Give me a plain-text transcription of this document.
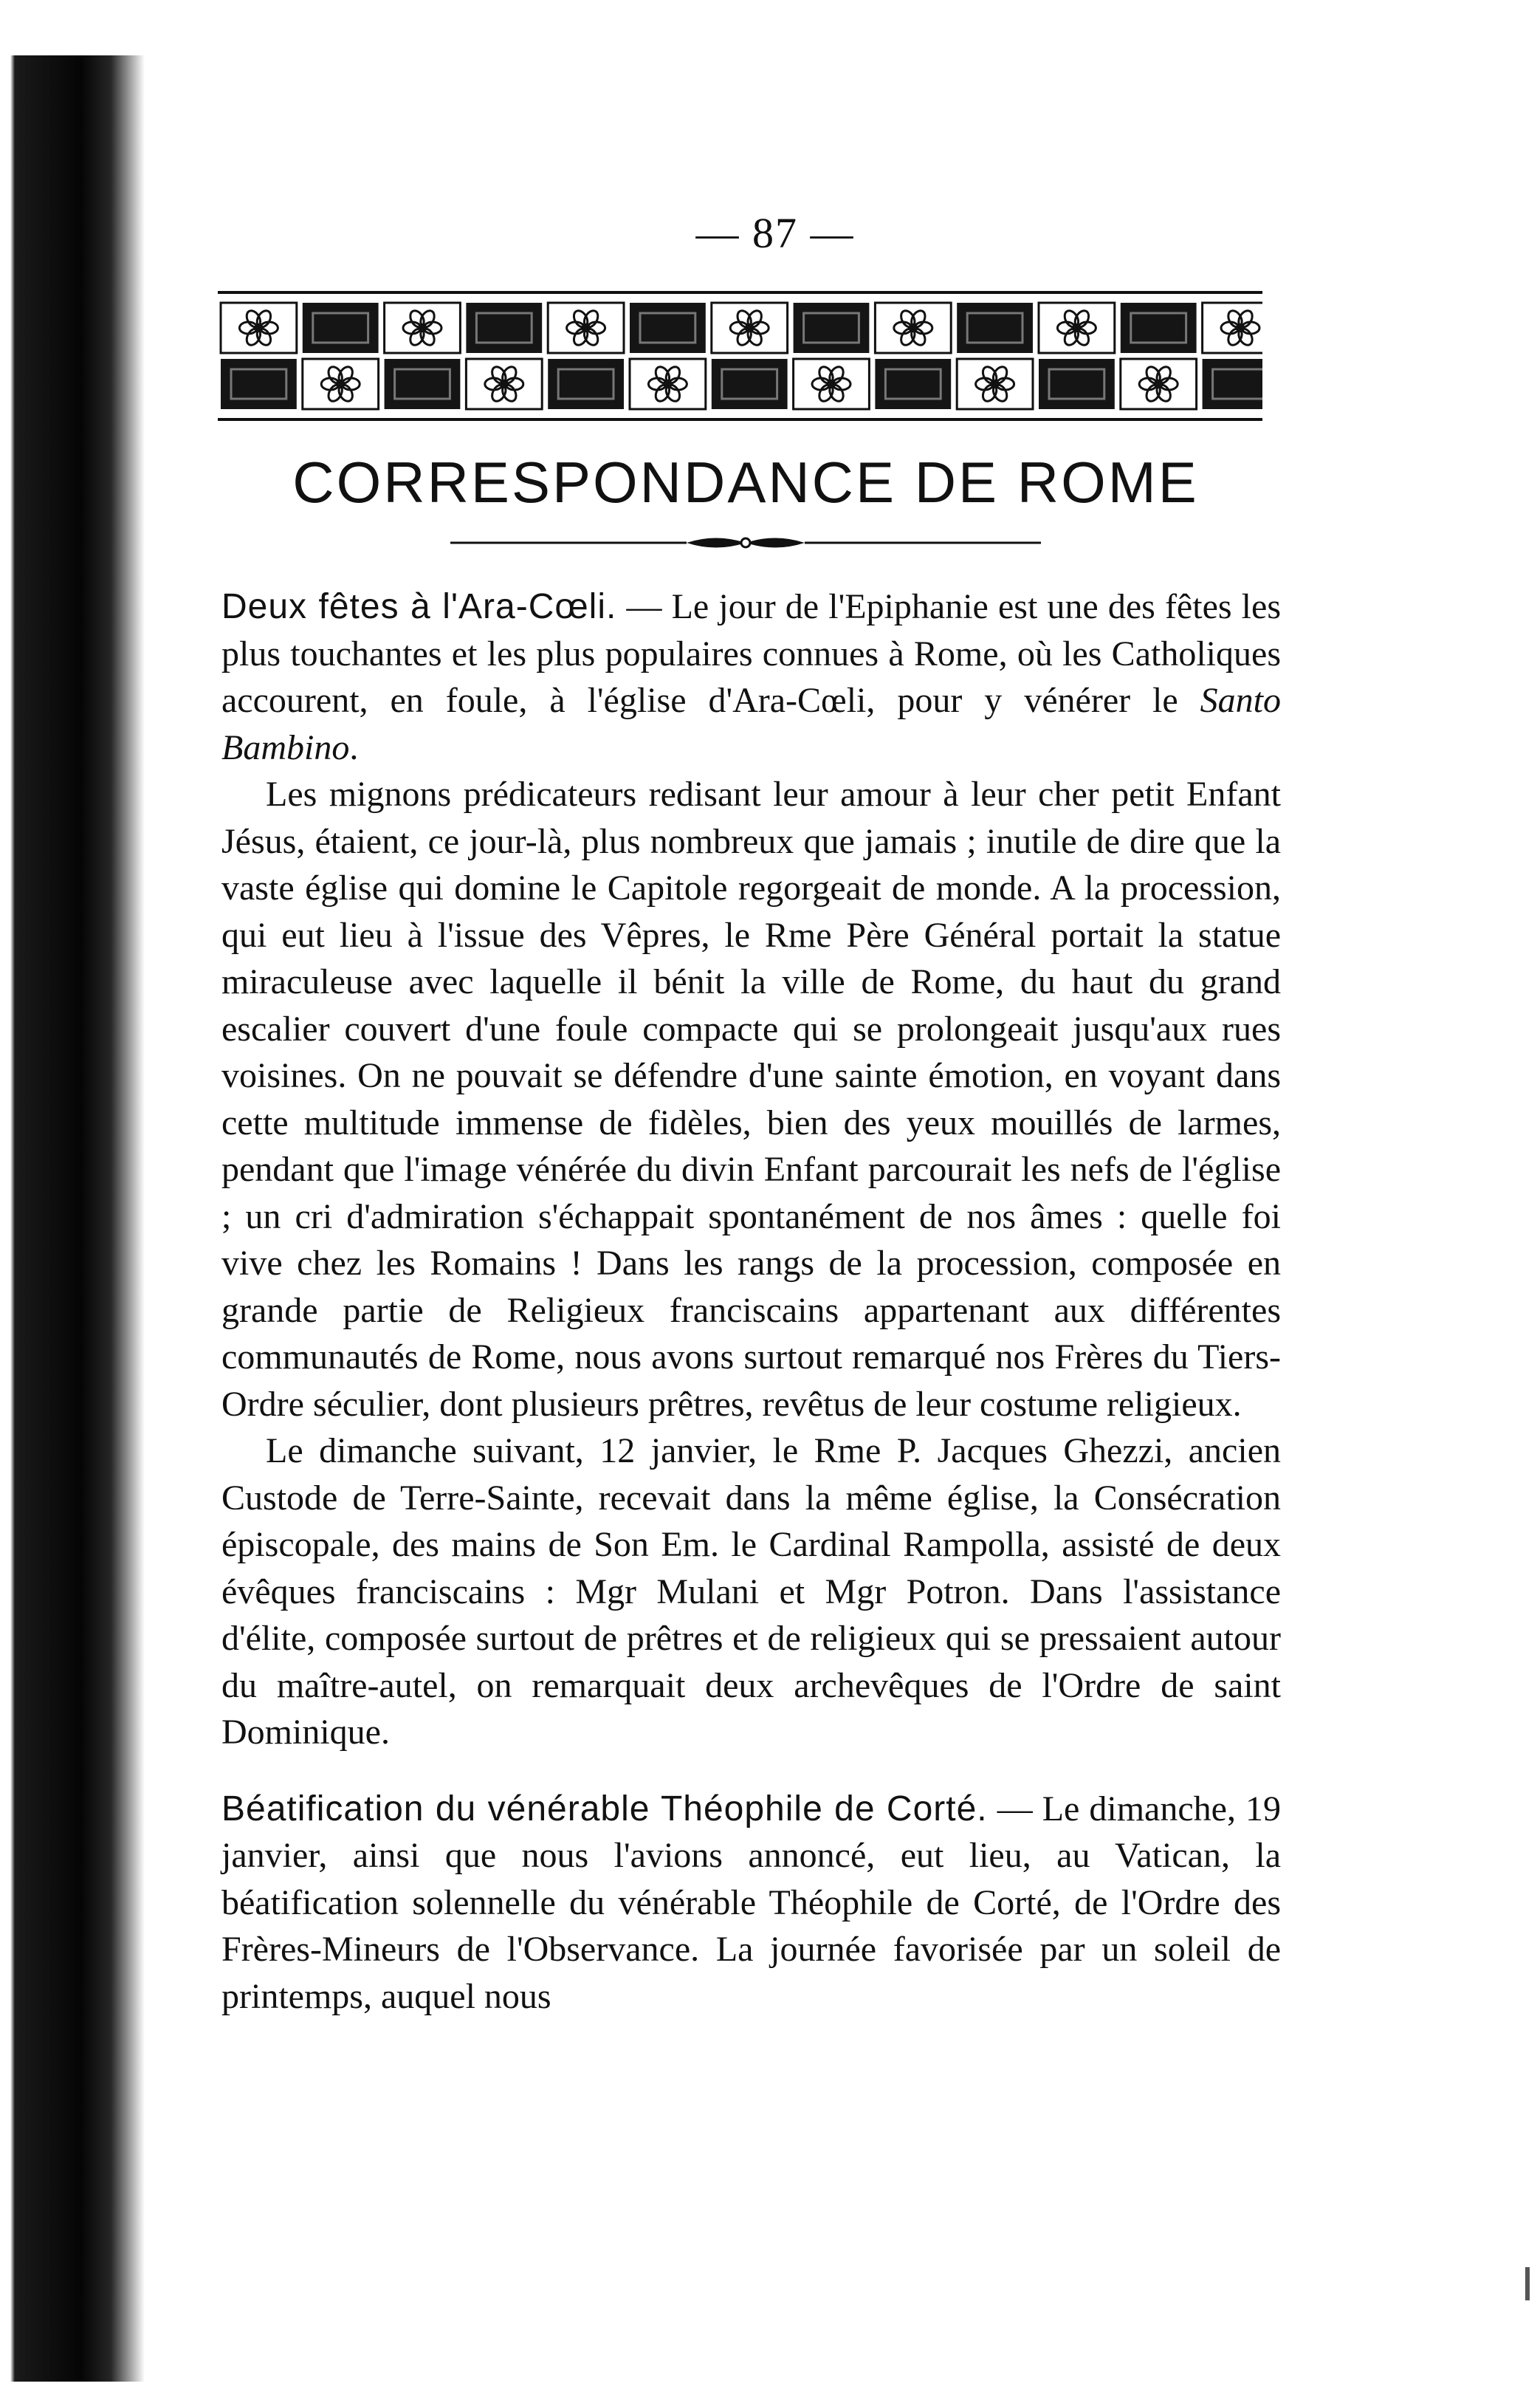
— 87 —
CORRESPONDANCE DE ROME

Deux fêtes à l'Ara-Cœli. — Le jour de l'Epiphanie est une des fêtes les plus touchantes et les plus populaires connues à Rome, où les Catholiques accourent, en foule, à l'église d'Ara-Cœli, pour y vénérer le Santo Bambino.

Les mignons prédicateurs redisant leur amour à leur cher petit Enfant Jésus, étaient, ce jour-là, plus nombreux que jamais ; inutile de dire que la vaste église qui domine le Capitole regorgeait de monde. A la procession, qui eut lieu à l'issue des Vêpres, le Rme Père Général portait la statue miraculeuse avec laquelle il bénit la ville de Rome, du haut du grand escalier couvert d'une foule compacte qui se prolongeait jusqu'aux rues voisines. On ne pouvait se défendre d'une sainte émotion, en voyant dans cette multitude immense de fidèles, bien des yeux mouillés de larmes, pendant que l'image vénérée du divin Enfant parcourait les nefs de l'église ; un cri d'admiration s'échappait spontanément de nos âmes : quelle foi vive chez les Romains ! Dans les rangs de la procession, composée en grande partie de Religieux franciscains appartenant aux différentes communautés de Rome, nous avons surtout remarqué nos Frères du Tiers-Ordre séculier, dont plusieurs prêtres, revêtus de leur costume religieux.

Le dimanche suivant, 12 janvier, le Rme P. Jacques Ghezzi, ancien Custode de Terre-Sainte, recevait dans la même église, la Consécration épiscopale, des mains de Son Em. le Cardinal Rampolla, assisté de deux évêques franciscains : Mgr Mulani et Mgr Potron. Dans l'assistance d'élite, composée surtout de prêtres et de religieux qui se pressaient autour du maître-autel, on remarquait deux archevêques de l'Ordre de saint Dominique.

Béatification du vénérable Théophile de Corté. — Le dimanche, 19 janvier, ainsi que nous l'avions annoncé, eut lieu, au Vatican, la béatification solennelle du vénérable Théophile de Corté, de l'Ordre des Frères-Mineurs de l'Observance. La journée favorisée par un soleil de printemps, auquel nous
